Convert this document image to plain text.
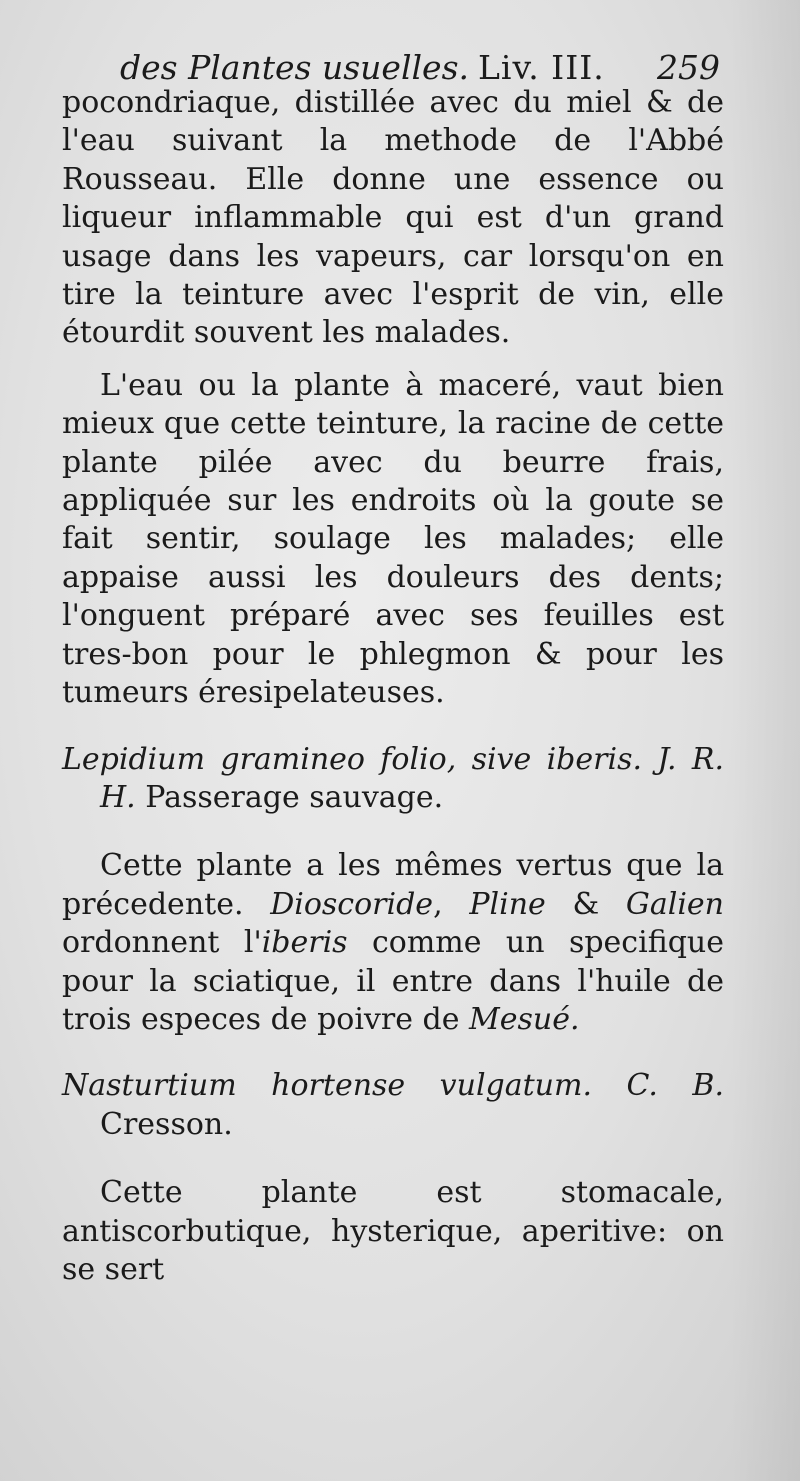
des Plantes usuelles. Liv. III. 259

pocondriaque, distillée avec du miel & de l'eau suivant la methode de l'Abbé Rousseau. Elle donne une essence ou liqueur inflammable qui est d'un grand usage dans les vapeurs, car lorsqu'on en tire la teinture avec l'esprit de vin, elle étourdit souvent les malades.

L'eau ou la plante à maceré, vaut bien mieux que cette teinture, la racine de cette plante pilée avec du beurre frais, appliquée sur les endroits où la goute se fait sentir, soulage les malades; elle appaise aussi les douleurs des dents; l'onguent préparé avec ses feuilles est tres-bon pour le phlegmon & pour les tumeurs éresipelateuses.

Lepidium gramineo folio, sive iberis. J. R. H. Passerage sauvage.

Cette plante a les mêmes vertus que la précedente. Dioscoride, Pline & Galien ordonnent l'iberis comme un specifique pour la sciatique, il entre dans l'huile de trois especes de poivre de Mesué.

Nasturtium hortense vulgatum. C. B. Cresson.

Cette plante est stomacale, antiscorbutique, hysterique, aperitive: on se sert
